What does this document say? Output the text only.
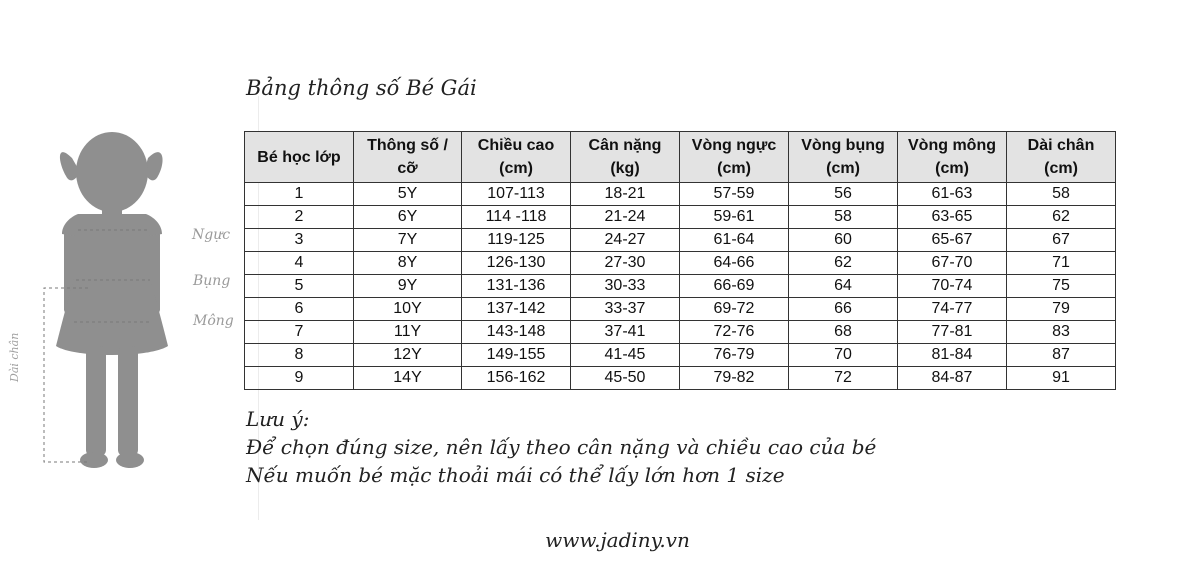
Ngực
Bụng
Mông
Dài chân
Bảng thông số Bé Gái
Bé học lớp	Thông số / cỡ	Chiều cao (cm)	Cân nặng (kg)	Vòng ngực (cm)	Vòng bụng (cm)	Vòng mông (cm)	Dài chân (cm)
1	5Y	107-113	18-21	57-59	56	61-63	58
2	6Y	114 -118	21-24	59-61	58	63-65	62
3	7Y	119-125	24-27	61-64	60	65-67	67
4	8Y	126-130	27-30	64-66	62	67-70	71
5	9Y	131-136	30-33	66-69	64	70-74	75
6	10Y	137-142	33-37	69-72	66	74-77	79
7	11Y	143-148	37-41	72-76	68	77-81	83
8	12Y	149-155	41-45	76-79	70	81-84	87
9	14Y	156-162	45-50	79-82	72	84-87	91
Lưu ý:
Để chọn đúng size, nên lấy theo cân nặng và chiều cao của bé
Nếu muốn bé mặc thoải mái có thể lấy lớn hơn 1 size
www.jadiny.vn
